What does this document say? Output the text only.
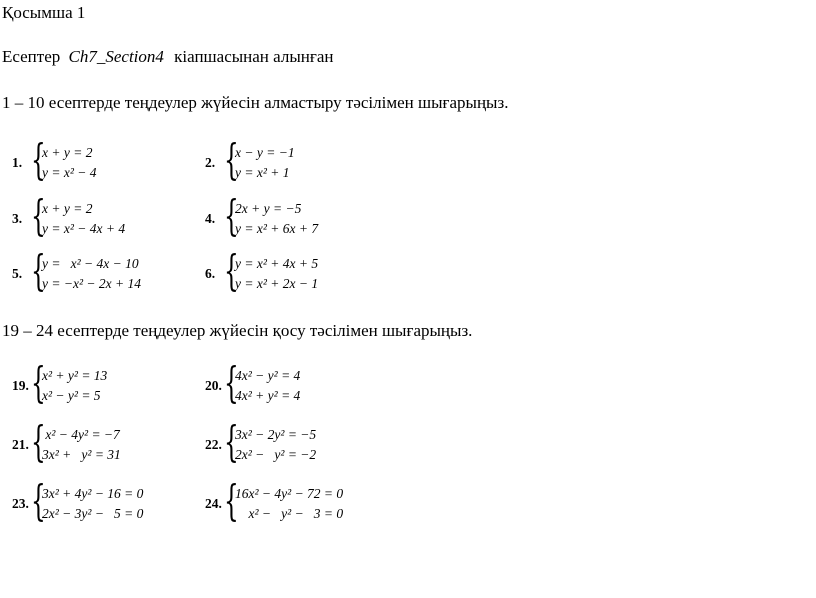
Қосымша 1
Есептер Ch7_Section4 кіапшасынан алынған
1 – 10 есептерде теңдеулер жүйесін алмастыру тәсілімен шығарыңыз.
1. {
x + y = 2
y = x² − 4
2. {
x − y = −1
y = x² + 1
3. {
x + y = 2
y = x² − 4x + 4
4. {
2x + y = −5
y = x² + 6x + 7
5. {
y =   x² − 4x − 10
y = −x² − 2x + 14
6. {
y = x² + 4x + 5
y = x² + 2x − 1
19 – 24 есептерде теңдеулер жүйесін қосу тәсілімен шығарыңыз.
19. {
x² + y² = 13
x² − y² = 5
20. {
4x² − y² = 4
4x² + y² = 4
21. {
x² − 4y² = −7
3x² +   y² = 31
22. {
3x² − 2y² = −5
2x² −   y² = −2
23. {
3x² + 4y² − 16 = 0
2x² − 3y² −   5 = 0
24. {
16x² − 4y² − 72 = 0
x² −   y² −   3 = 0
